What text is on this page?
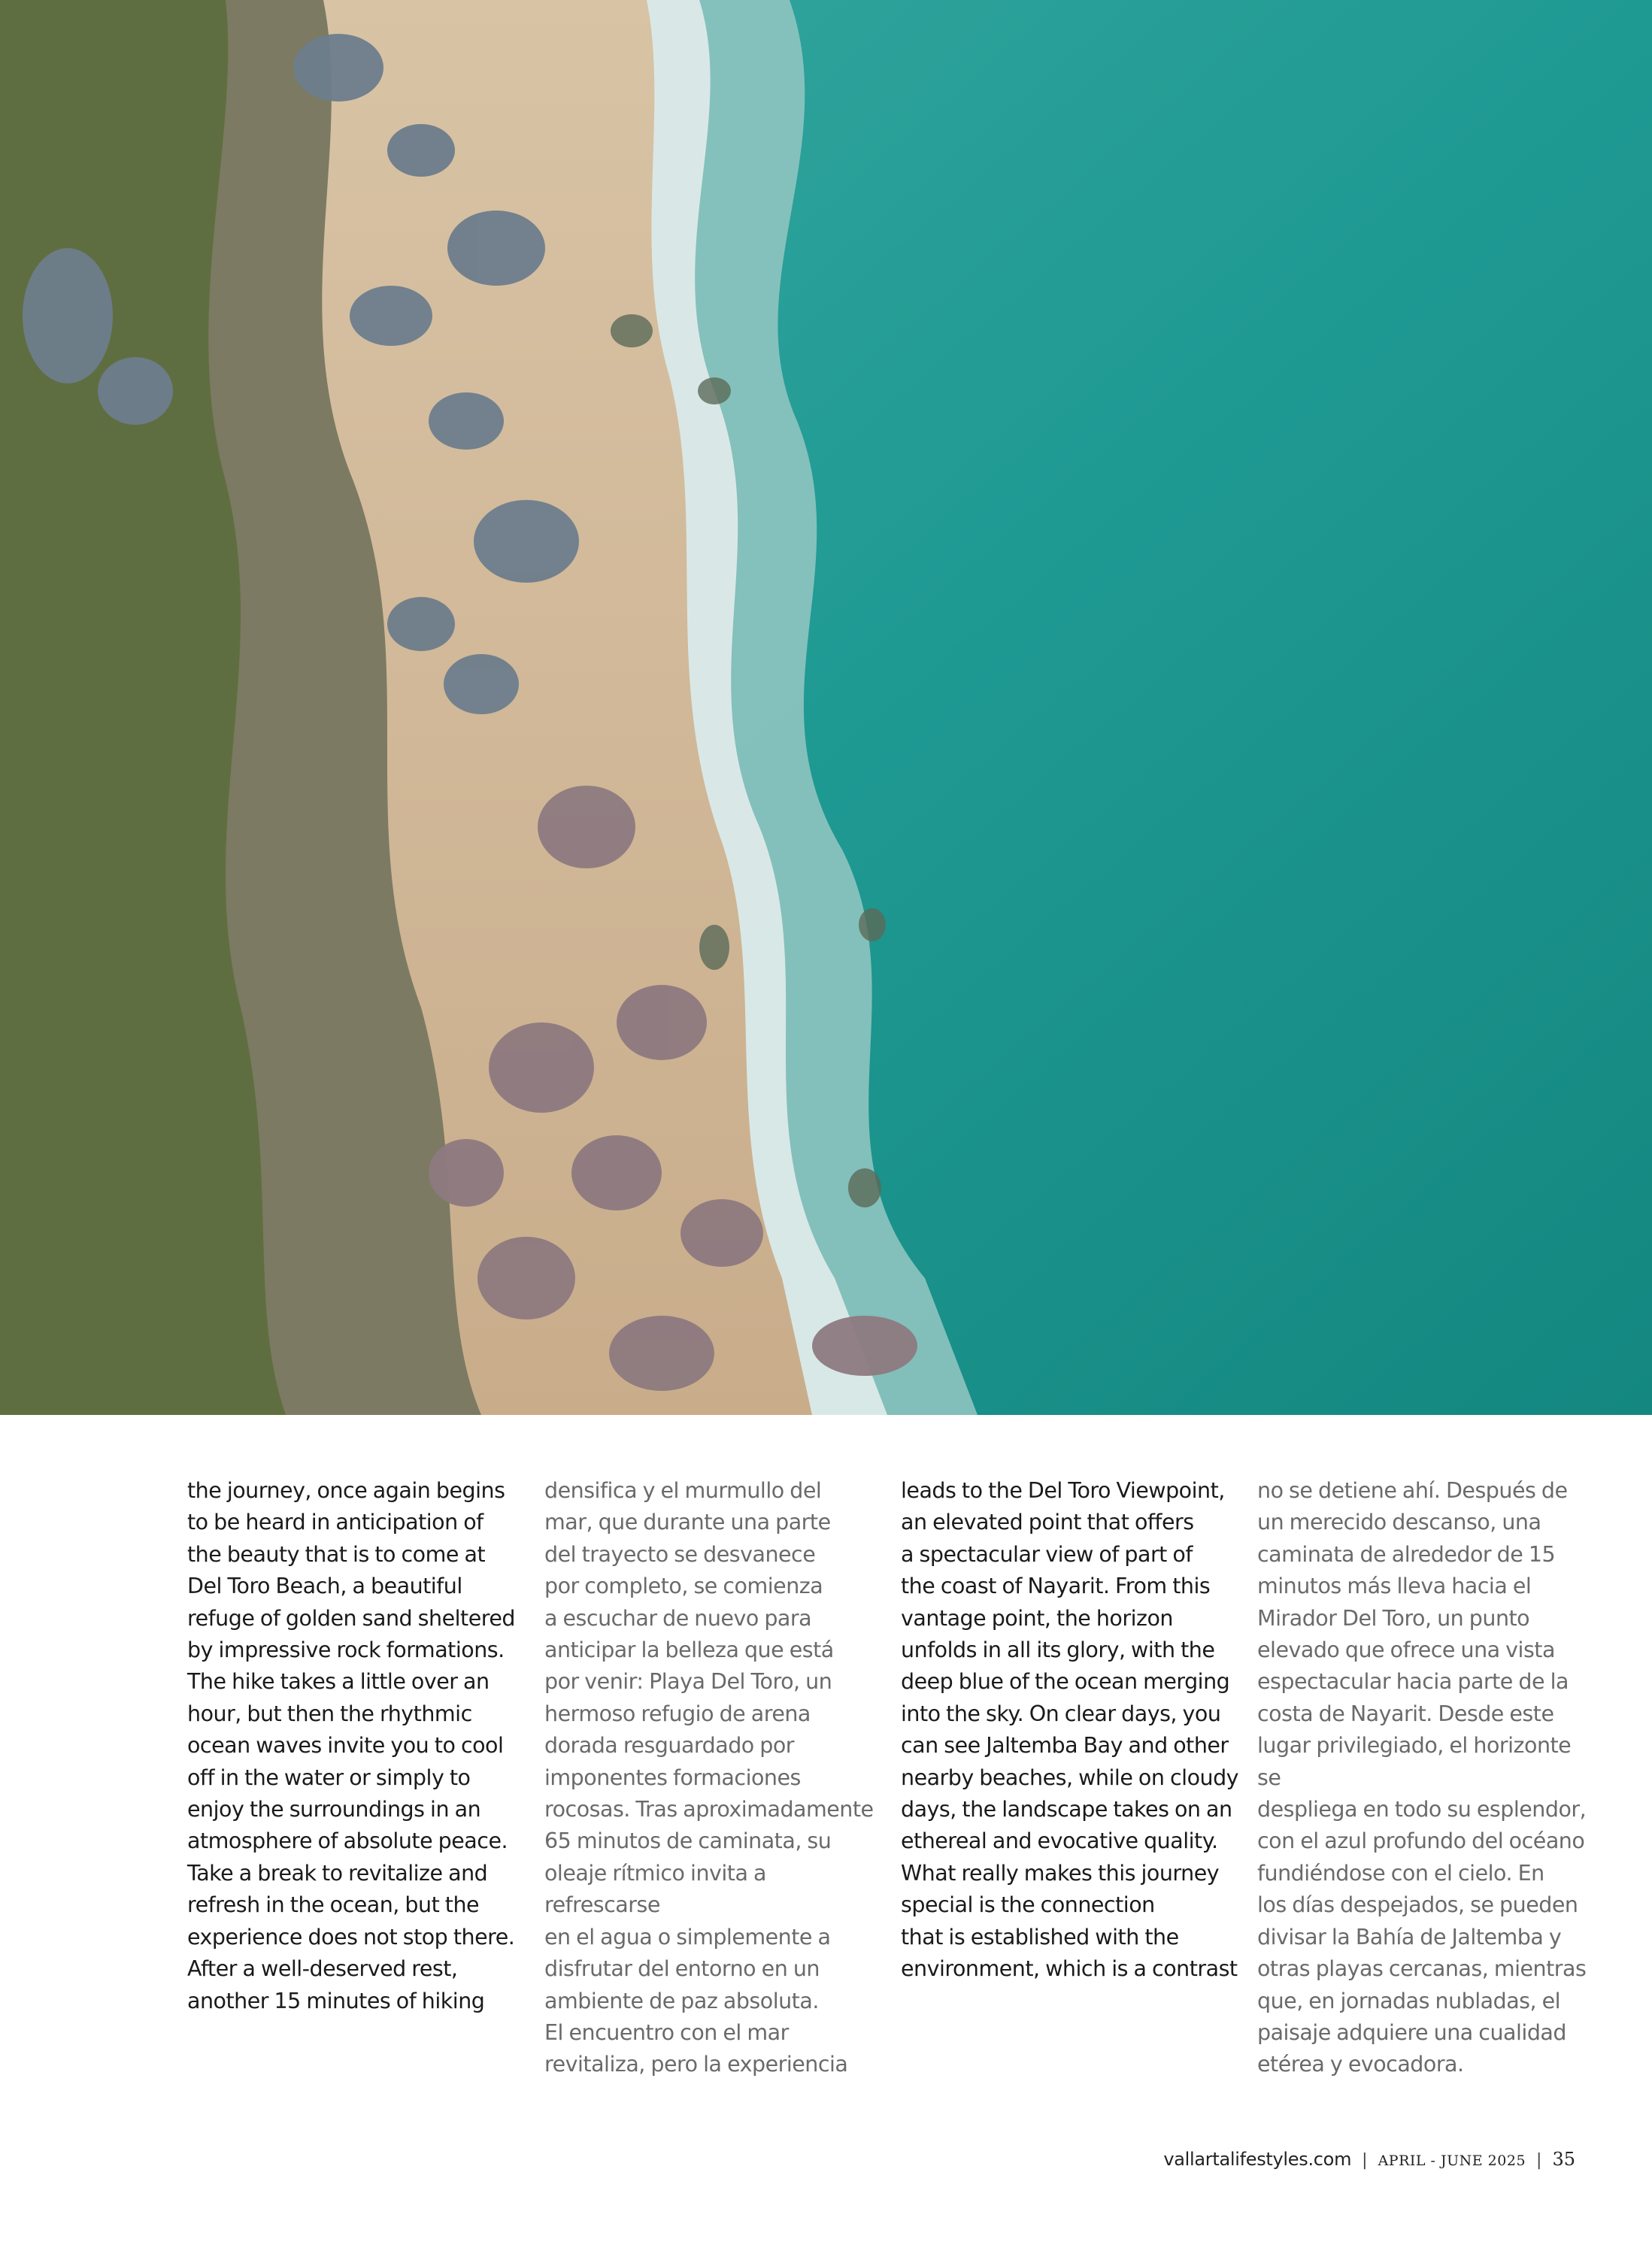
the journey, once again begins
to be heard in anticipation of
the beauty that is to come at
Del Toro Beach, a beautiful
refuge of golden sand sheltered
by impressive rock formations.
The hike takes a little over an
hour, but then the rhythmic
ocean waves invite you to cool
off in the water or simply to
enjoy the surroundings in an
atmosphere of absolute peace.
Take a break to revitalize and
refresh in the ocean, but the
experience does not stop there.
After a well-deserved rest,
another 15 minutes of hiking
densifica y el murmullo del
mar, que durante una parte
del trayecto se desvanece
por completo, se comienza
a escuchar de nuevo para
anticipar la belleza que está
por venir: Playa Del Toro, un
hermoso refugio de arena
dorada resguardado por
imponentes formaciones
rocosas. Tras aproximadamente
65 minutos de caminata, su
oleaje rítmico invita a refrescarse
en el agua o simplemente a
disfrutar del entorno en un
ambiente de paz absoluta.
El encuentro con el mar
revitaliza, pero la experiencia
leads to the Del Toro Viewpoint,
an elevated point that offers
a spectacular view of part of
the coast of Nayarit. From this
vantage point, the horizon
unfolds in all its glory, with the
deep blue of the ocean merging
into the sky. On clear days, you
can see Jaltemba Bay and other
nearby beaches, while on cloudy
days, the landscape takes on an
ethereal and evocative quality.
What really makes this journey
special is the connection
that is established with the
environment, which is a contrast
no se detiene ahí. Después de
un merecido descanso, una
caminata de alrededor de 15
minutos más lleva hacia el
Mirador Del Toro, un punto
elevado que ofrece una vista
espectacular hacia parte de la
costa de Nayarit. Desde este
lugar privilegiado, el horizonte se
despliega en todo su esplendor,
con el azul profundo del océano
fundiéndose con el cielo. En
los días despejados, se pueden
divisar la Bahía de Jaltemba y
otras playas cercanas, mientras
que, en jornadas nubladas, el
paisaje adquiere una cualidad
etérea y evocadora.
vallartalifestyles.com | APRIL - JUNE 2025 | 35
